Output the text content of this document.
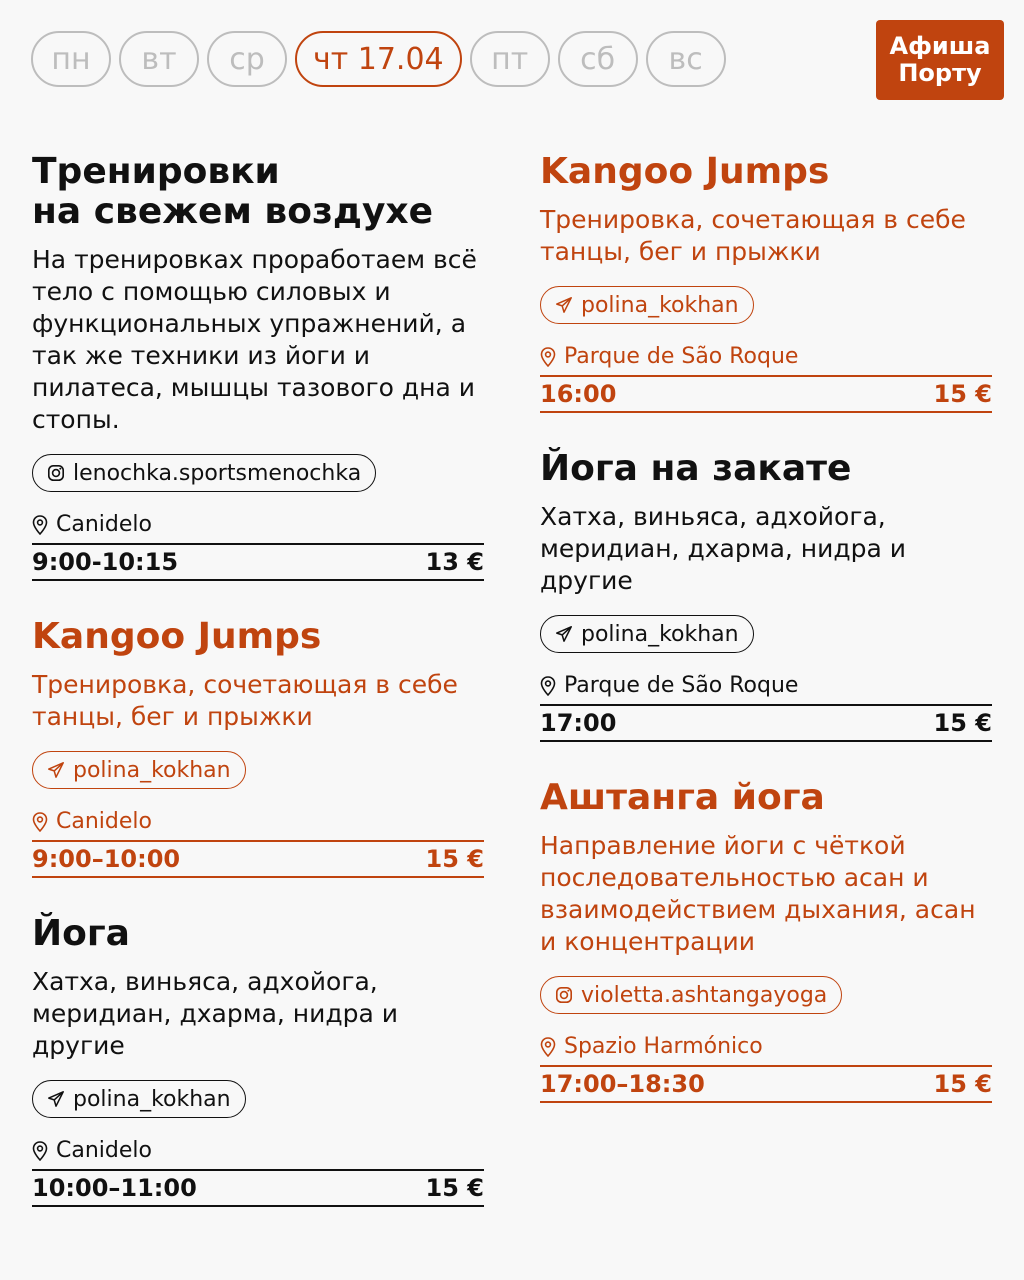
пн	вт	ср	чт 17.04	пт	сб	вс	Афиша
Порту
Тренировки
на свежем воздухе
На тренировках проработаем всё тело с помощью силовых и функциональных упражнений, а так же техники из йоги и пилатеса, мышцы тазового дна и стопы.
lenochka.sportsmenochka
Canidelo
9:00-10:15	13 €
Kangoo Jumps
Тренировка, сочетающая в себе танцы, бег и прыжки
polina_kokhan
Canidelo
9:00–10:00	15 €
Йога
Хатха, виньяса, адхойога, меридиан, дхарма, нидра и другие
polina_kokhan
Canidelo
10:00–11:00	15 €
Kangoo Jumps
Тренировка, сочетающая в себе танцы, бег и прыжки
polina_kokhan
Parque de São Roque
16:00	15 €
Йога на закате
Хатха, виньяса, адхойога, меридиан, дхарма, нидра и другие
polina_kokhan
Parque de São Roque
17:00	15 €
Аштанга йога
Направление йоги с чёткой последовательностью асан и взаимодействием дыхания, асан и концентрации
violetta.ashtangayoga
Spazio Harmónico
17:00–18:30	15 €
